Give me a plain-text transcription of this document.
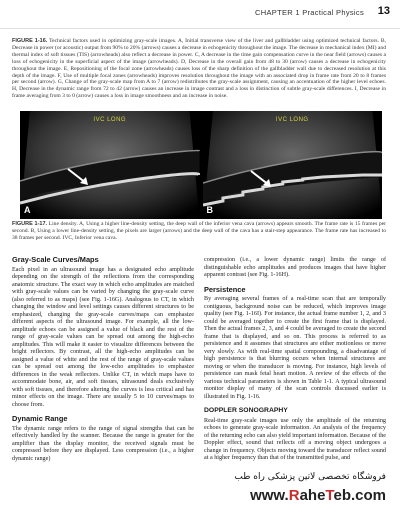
CHAPTER 1 Practical Physics 13
FIGURE 1-16. Technical factors used in optimizing gray-scale images. A, Initial transverse view of the liver and gallbladder using optimized technical factors. B, Decrease in power (or acoustic) output from 90% to 20% (arrows) causes a decrease in echogenicity throughout the image. The decrease in mechanical index (MI) and thermal index of soft tissues (TIS) (arrowheads) also reflect a decrease in power. C, A decrease in the time gain compensation curve in the near field (arrows) causes a loss of echogenicity in the superficial aspect of the image (arrowheads). D, Decrease in the overall gain from 48 to 30 (arrow) causes a decrease in echogenicity throughout the image. E, Repositioning of the focal zone (arrowheads) causes loss of the sharp definition of the gallbladder wall due to decreased resolution at this depth of the image. F, Use of multiple focal zones (arrowheads) improves resolution throughout the image with an associated drop in frame rate from 20 to 8 frames per second (arrow). G, Change of the gray-scale map from A to 7 (arrow) redistributes the gray-scale assignment, causing an accentuation of the higher level echoes. H, Decrease in the dynamic range from 72 to 42 (arrow) causes an increase in image contrast and a loss in distinction of subtle gray-scale differences. I, Decrease in frame averaging from 3 to 0 (arrow) causes a loss in image smoothness and an increase in noise.
IVC LONG
A
IVC LONG
B
FIGURE 1-17. Line density. A, Using a higher line-density setting, the deep wall of the inferior vena cava (arrows) appears smooth. The frame rate is 15 frames per second. B, Using a lower line-density setting, the pixels are larger (arrows) and the deep wall of the cava has a stair-step appearance. The frame rate has increased to 38 frames per second. IVC, Inferior vena cava.
Gray-Scale Curves/Maps

Each pixel in an ultrasound image has a designated echo amplitude depending on the strength of the reflections from the corresponding anatomic structure. The exact way in which echo amplitudes are matched with gray-scale values can be varied by changing the gray-scale curve (also referred to as maps) (see Fig. 1-16G). Analogous to CT, in which changing the window and level settings causes different structures to be emphasized, changing the gray-scale curves/maps can emphasize different aspects of the ultrasound image. For example, all the low-amplitude echoes can be assigned a value of black and the rest of the range of gray-scale values can be spread out among the high-echo amplitudes. This will make it easier to visualize differences between the bright reflectors. By contrast, all the high-echo amplitudes can be assigned a value of white and the rest of the range of gray-scale values can be spread out among the low-echo amplitudes to emphasize differences in the weak reflectors. Unlike CT, in which maps have to accommodate bone, air, and soft tissues, ultrasound deals exclusively with soft tissues, and therefore altering the curves is less critical and has minor effects on the image. There are usually 5 to 10 curves/maps to choose from.

Dynamic Range

The dynamic range refers to the range of signal strengths that can be effectively handled by the scanner. Because the range is greater for the amplifier than the display monitor, the received signals must be compressed before they are displayed. Less compression (i.e., a higher dynamic range)

compression (i.e., a lower dynamic range) limits the range of distinguishable echo amplitudes and produces images that have higher apparent contrast (see Fig. 1-16H).

Persistence

By averaging several frames of a real-time scan that are temporally contiguous, background noise can be reduced, which improves image quality (see Fig. 1-16I). For instance, the actual frame number 1, 2, and 3 could be averaged together to create the first frame that is displayed. Then the actual frames 2, 3, and 4 could be averaged to create the second frame that is displayed, and so on. This process is referred to as persistence and it assumes that structures are either motionless or move very slowly. As with real-time spatial compounding, a disadvantage of high persistence is that blurring occurs when internal structures are moving or when the transducer is moving. For instance, high levels of persistence can mask fetal heart motion. A review of the effects of the various technical parameters is shown in Table 1-1. A typical ultrasound monitor display of many of the scan controls discussed earlier is illustrated in Fig. 1-16.

DOPPLER SONOGRAPHY

Real-time gray-scale images use only the amplitude of the returning echoes to generate gray-scale information. An analysis of the frequency of the returning echo can also yield important information. Because of the Doppler effect, sound that reflects off a moving object undergoes a change in frequency. Objects moving toward the transducer reflect sound at a higher frequency than that of the transmitted pulse, and

فروشگاه تخصصی لاتین پزشکی راه طب
www.RaheTeb.com
